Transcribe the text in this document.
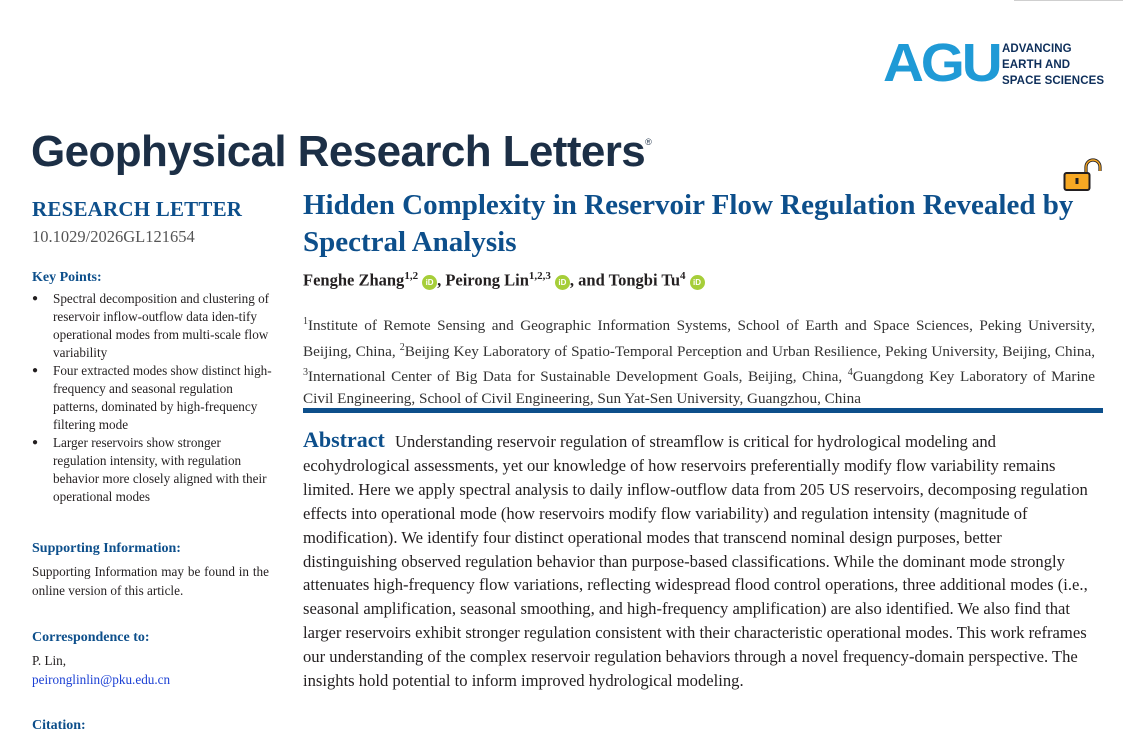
AGU ADVANCING
EARTH AND
SPACE SCIENCES
Geophysical Research Letters®
RESEARCH LETTER
10.1029/2026GL121654
Key Points:
● Spectral decomposition and clustering of reservoir inflow-outflow data iden-tify operational modes from multi-scale flow variability
● Four extracted modes show distinct high-frequency and seasonal regulation patterns, dominated by high-frequency filtering mode
● Larger reservoirs show stronger regulation intensity, with regulation behavior more closely aligned with their operational modes
Supporting Information:
Supporting Information may be found in the online version of this article.
Correspondence to:
P. Lin,
peironglinlin@pku.edu.cn
Citation:
Hidden Complexity in Reservoir Flow Regulation Revealed by Spectral Analysis
Fenghe Zhang$^{1,2}$ iD , Peirong Lin$^{1,2,3}$ iD , and Tongbi Tu$^4$ iD
$^1$Institute of Remote Sensing and Geographic Information Systems, School of Earth and Space Sciences, Peking University, Beijing, China, $^2$Beijing Key Laboratory of Spatio-Temporal Perception and Urban Resilience, Peking University, Beijing, China, $^3$International Center of Big Data for Sustainable Development Goals, Beijing, China, $^4$Guangdong Key Laboratory of Marine Civil Engineering, School of Civil Engineering, Sun Yat-Sen University, Guangzhou, China
Abstract Understanding reservoir regulation of streamflow is critical for hydrological modeling and ecohydrological assessments, yet our knowledge of how reservoirs preferentially modify flow variability remains limited. Here we apply spectral analysis to daily inflow-outflow data from 205 US reservoirs, decomposing regulation effects into operational mode (how reservoirs modify flow variability) and regulation intensity (magnitude of modification). We identify four distinct operational modes that transcend nominal design purposes, better distinguishing observed regulation behavior than purpose-based classifications. While the dominant mode strongly attenuates high-frequency flow variations, reflecting widespread flood control operations, three additional modes (i.e., seasonal amplification, seasonal smoothing, and high-frequency amplification) are also identified. We also find that larger reservoirs exhibit stronger regulation consistent with their characteristic operational modes. This work reframes our understanding of the complex reservoir regulation behaviors through a novel frequency-domain perspective. The insights hold potential to inform improved hydrological modeling.
